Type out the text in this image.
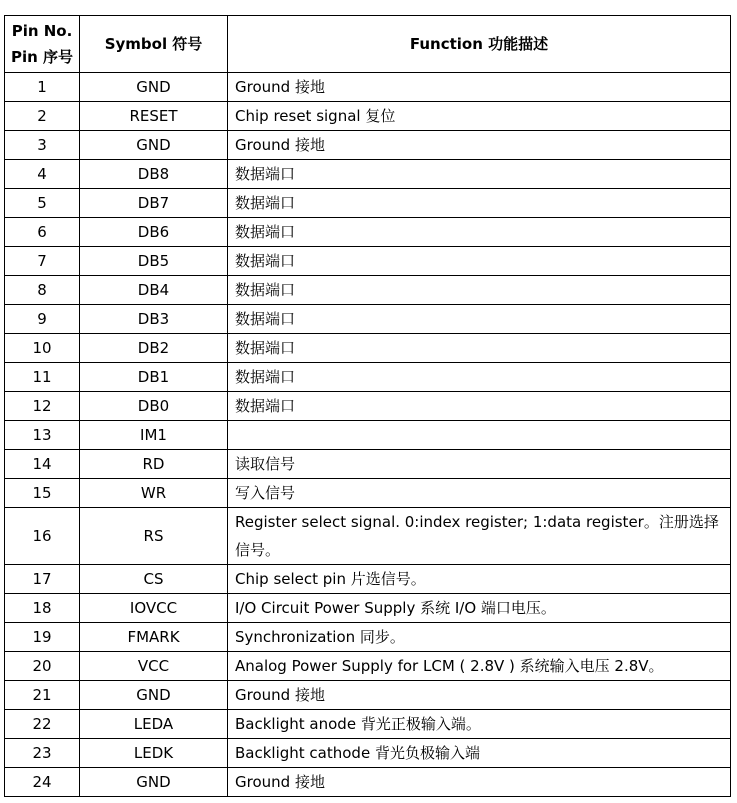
Pin No.
Pin 序号	Symbol 符号	Function 功能描述
1	GND	Ground 接地
2	RESET	Chip reset signal 复位
3	GND	Ground 接地
4	DB8	数据端口
5	DB7	数据端口
6	DB6	数据端口
7	DB5	数据端口
8	DB4	数据端口
9	DB3	数据端口
10	DB2	数据端口
11	DB1	数据端口
12	DB0	数据端口
13	IM1	
14	RD	读取信号
15	WR	写入信号
16	RS	Register select signal. 0:index register; 1:data register。注册选择信号。
17	CS	Chip select pin 片选信号。
18	IOVCC	I/O Circuit Power Supply 系统 I/O 端口电压。
19	FMARK	Synchronization 同步。
20	VCC	Analog Power Supply for LCM ( 2.8V ) 系统输入电压 2.8V。
21	GND	Ground 接地
22	LEDA	Backlight anode 背光正极输入端。
23	LEDK	Backlight cathode 背光负极输入端
24	GND	Ground 接地
